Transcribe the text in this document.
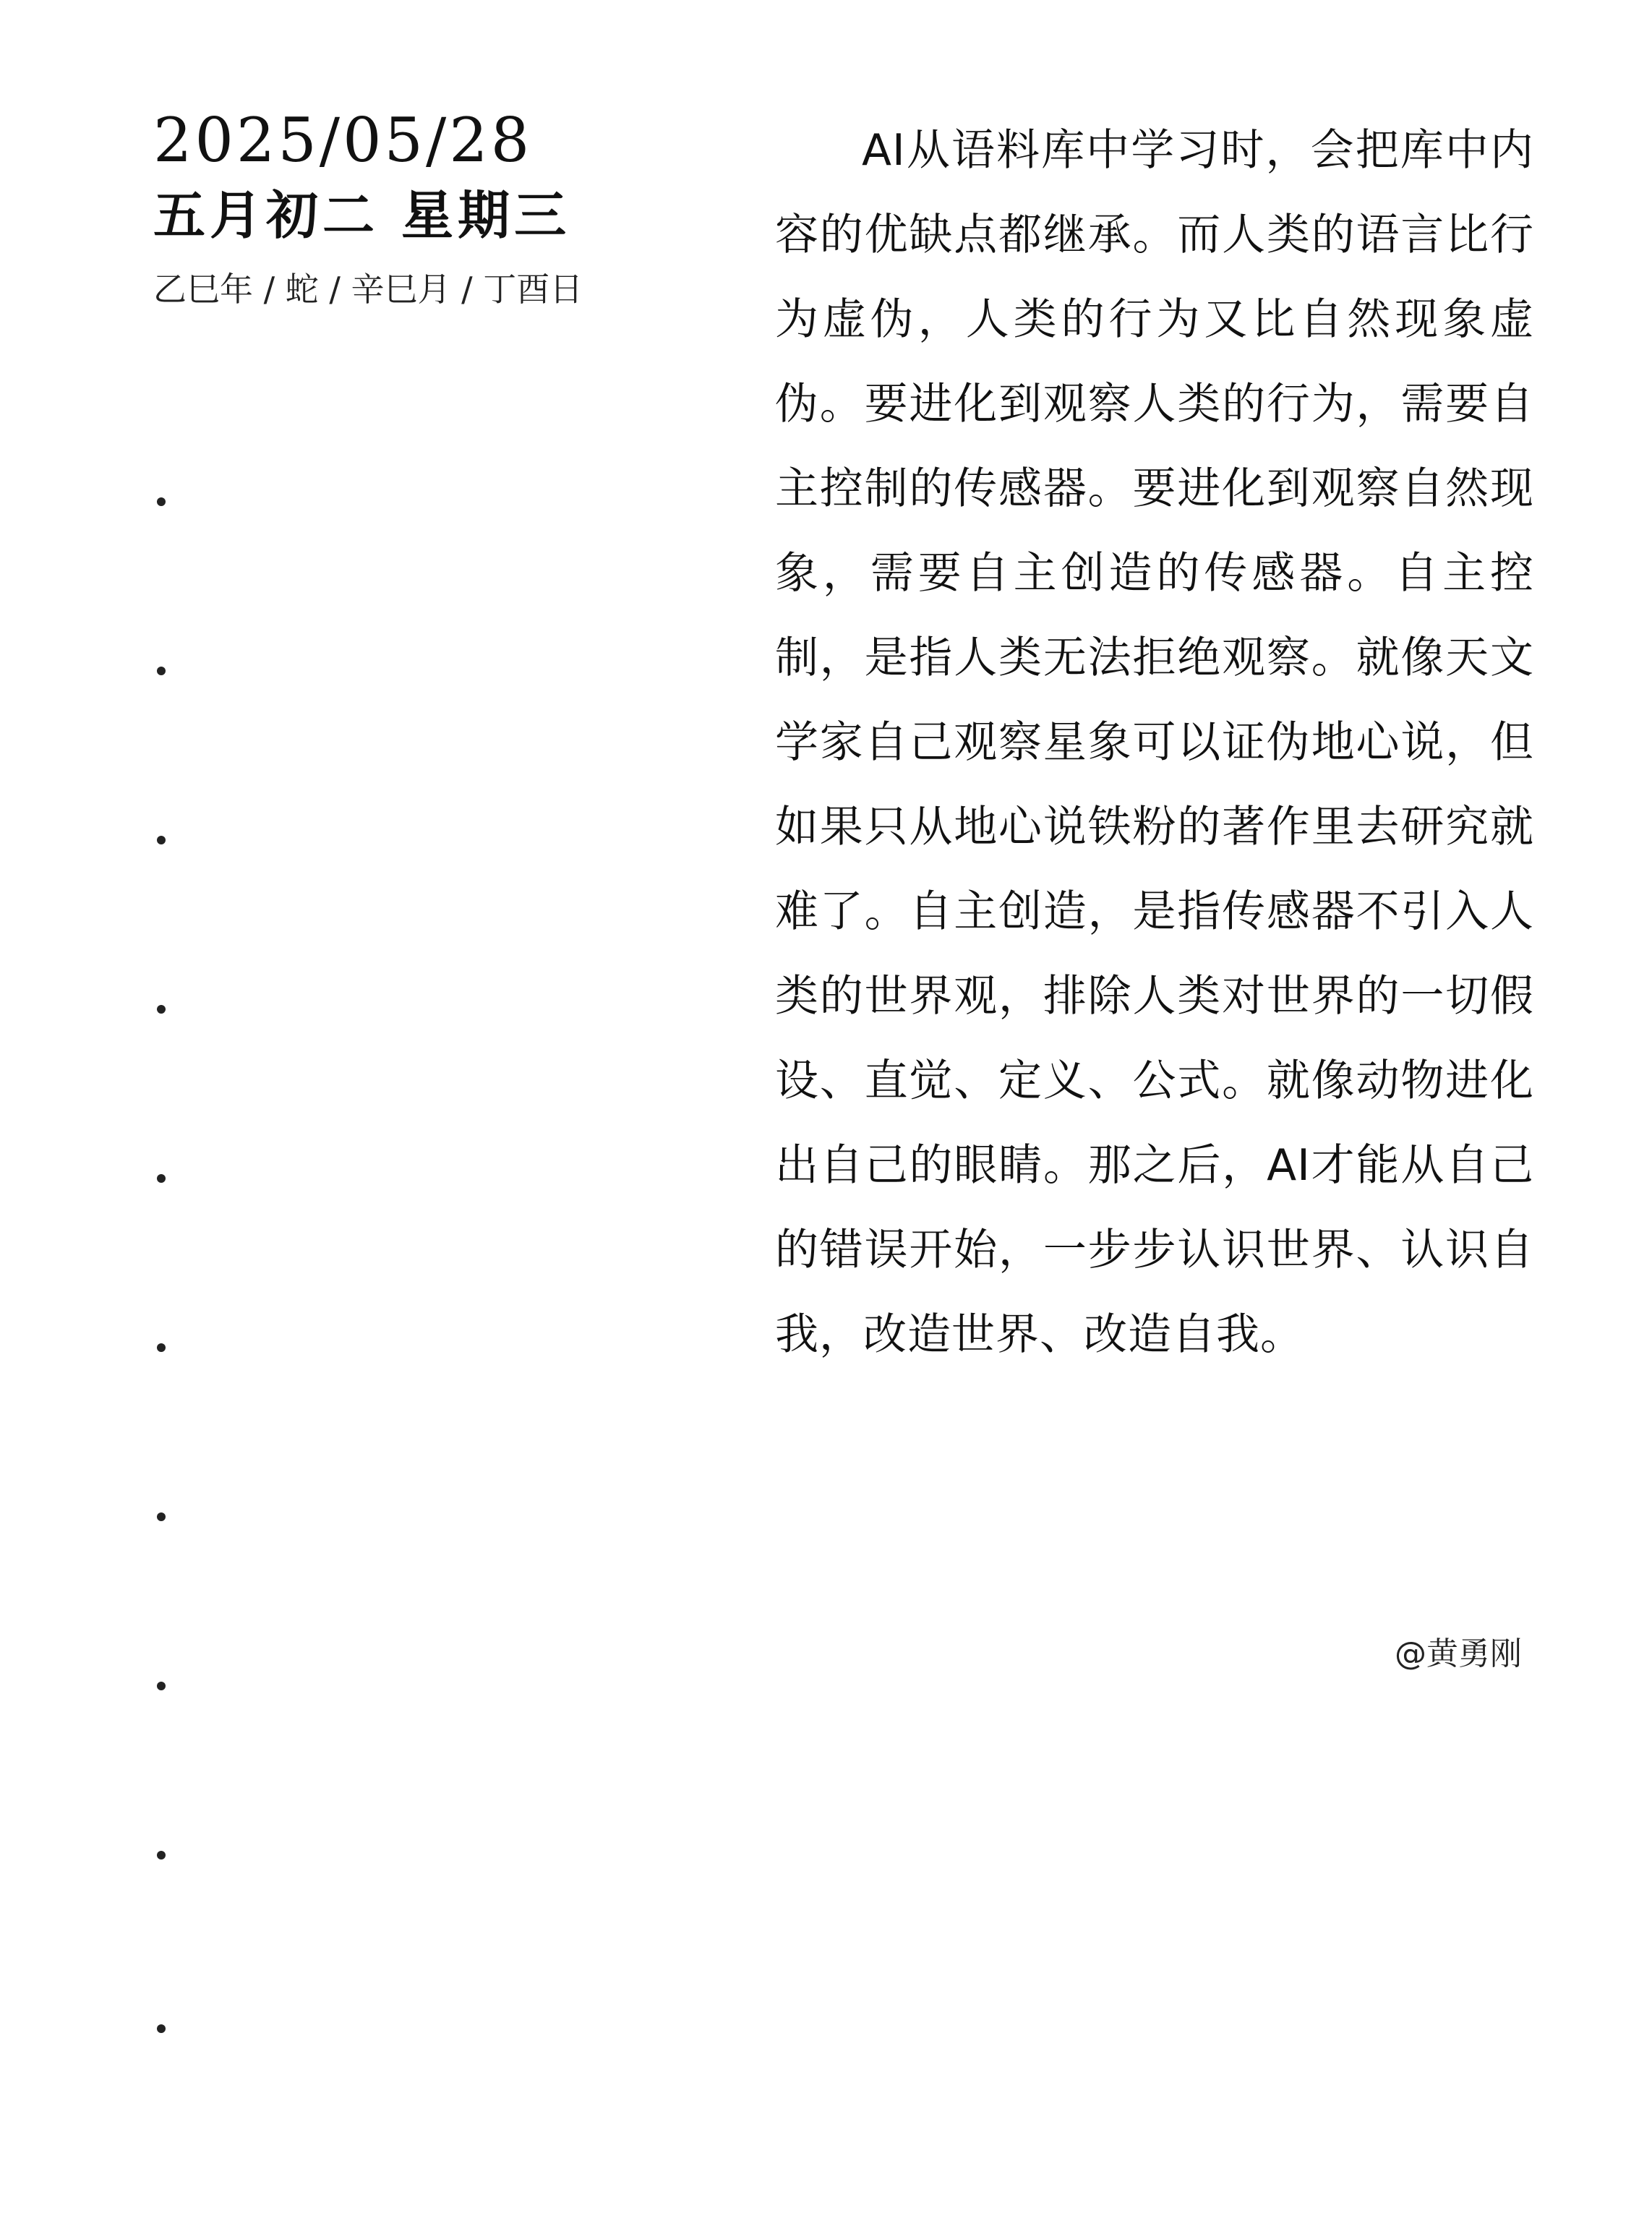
2025/05/28
五月初二 星期三
乙巳年 / 蛇 / 辛巳月 / 丁酉日

AI从语料库中学习时，会把库中内容的优缺点都继承。而人类的语言比行为虚伪，人类的行为又比自然现象虚伪。要进化到观察人类的行为，需要自主控制的传感器。要进化到观察自然现象，需要自主创造的传感器。自主控制，是指人类无法拒绝观察。就像天文学家自己观察星象可以证伪地心说，但如果只从地心说铁粉的著作里去研究就难了。自主创造，是指传感器不引入人类的世界观，排除人类对世界的一切假设、直觉、定义、公式。就像动物进化出自己的眼睛。那之后，AI才能从自己的错误开始，一步步认识世界、认识自我，改造世界、改造自我。

@黄勇刚
